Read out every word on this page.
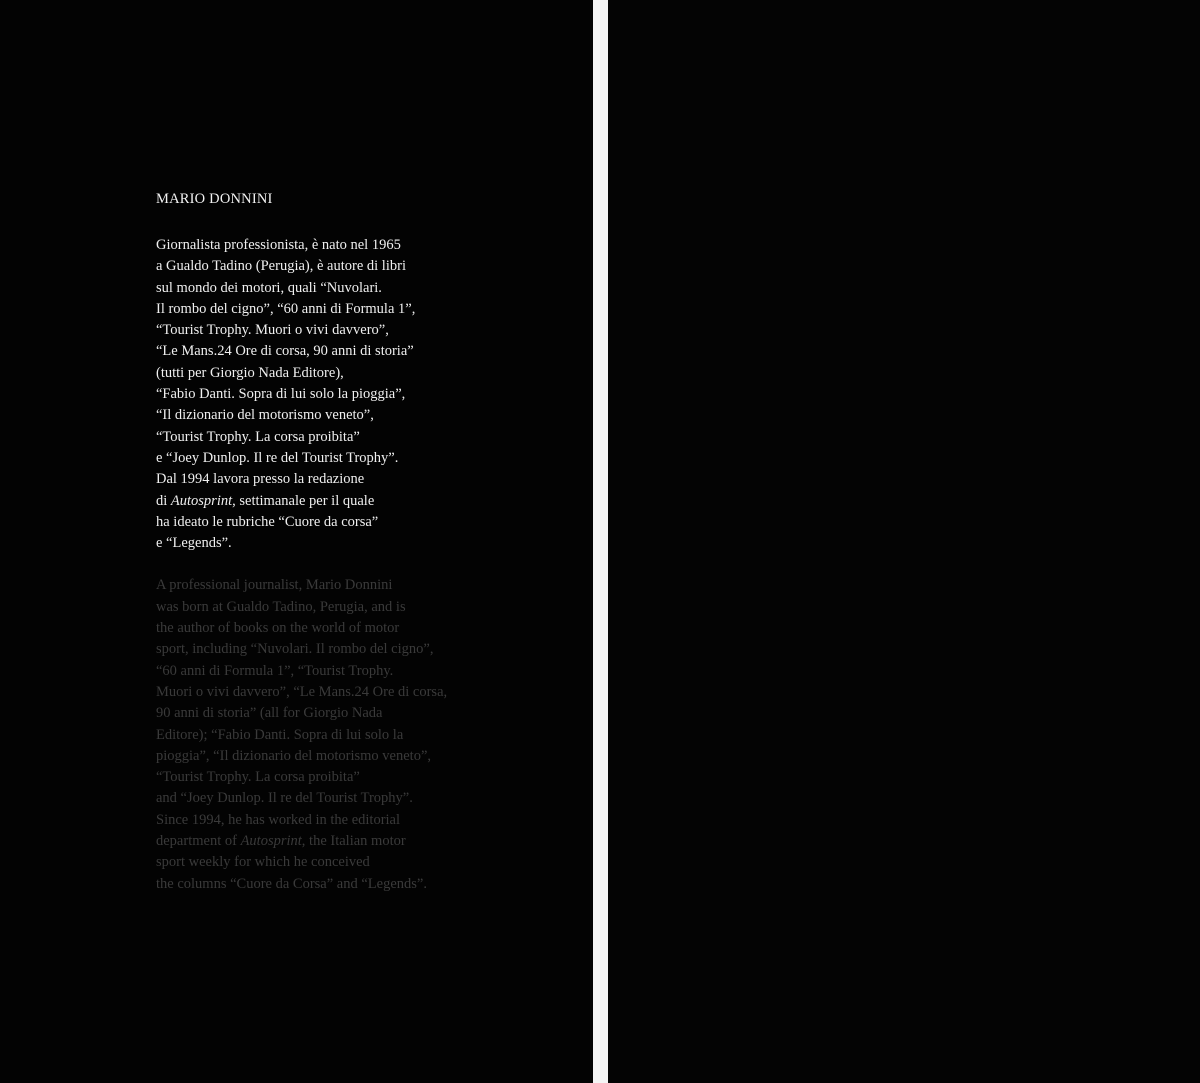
MARIO DONNINI
Giornalista professionista, è nato nel 1965
a Gualdo Tadino (Perugia), è autore di libri
sul mondo dei motori, quali “Nuvolari.
Il rombo del cigno”, “60 anni di Formula 1”,
“Tourist Trophy. Muori o vivi davvero”,
“Le Mans.24 Ore di corsa, 90 anni di storia”
(tutti per Giorgio Nada Editore),
“Fabio Danti. Sopra di lui solo la pioggia”,
“Il dizionario del motorismo veneto”,
“Tourist Trophy. La corsa proibita”
e “Joey Dunlop. Il re del Tourist Trophy”.
Dal 1994 lavora presso la redazione
di Autosprint, settimanale per il quale
ha ideato le rubriche “Cuore da corsa”
e “Legends”.
A professional journalist, Mario Donnini
was born at Gualdo Tadino, Perugia, and is
the author of books on the world of motor
sport, including “Nuvolari. Il rombo del cigno”,
“60 anni di Formula 1”, “Tourist Trophy.
Muori o vivi davvero”, “Le Mans.24 Ore di corsa,
90 anni di storia” (all for Giorgio Nada
Editore); “Fabio Danti. Sopra di lui solo la
pioggia”, “Il dizionario del motorismo veneto”,
“Tourist Trophy. La corsa proibita”
and “Joey Dunlop. Il re del Tourist Trophy”.
Since 1994, he has worked in the editorial
department of Autosprint, the Italian motor
sport weekly for which he conceived
the columns “Cuore da Corsa” and “Legends”.
